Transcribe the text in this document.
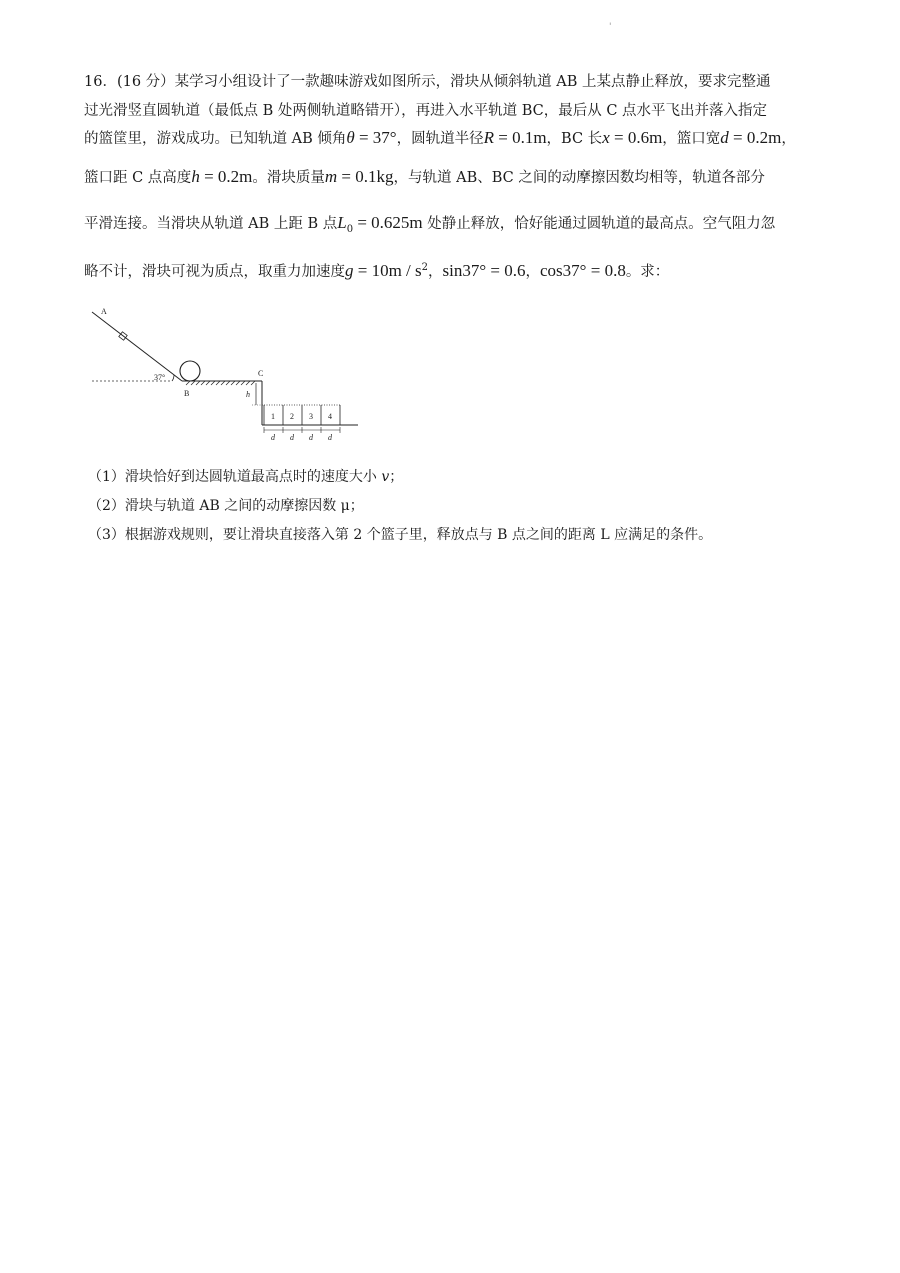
'
16．(16 分）某学习小组设计了一款趣味游戏如图所示，滑块从倾斜轨道 AB 上某点静止释放，要求完整通
过光滑竖直圆轨道（最低点 B 处两侧轨道略错开），再进入水平轨道 BC，最后从 C 点水平飞出并落入指定
的篮筐里，游戏成功。已知轨道 AB 倾角θ = 37°，圆轨道半径R = 0.1m，BC 长x = 0.6m，篮口宽d = 0.2m，
篮口距 C 点高度h = 0.2m。滑块质量m = 0.1kg，与轨道 AB、BC 之间的动摩擦因数均相等，轨道各部分
平滑连接。当滑块从轨道 AB 上距 B 点$L_0 = 0.625m$ 处静止释放，恰好能通过圆轨道的最高点。空气阻力忽
略不计，滑块可视为质点，取重力加速度$g = 10m / s^2$，sin37° = 0.6，cos37° = 0.8。求：
A
37°
B
C
h
1 2 3 4
d d d d
（1）滑块恰好到达圆轨道最高点时的速度大小 v；
（2）滑块与轨道 AB 之间的动摩擦因数 μ；
（3）根据游戏规则，要让滑块直接落入第 2 个篮子里，释放点与 B 点之间的距离 L 应满足的条件。
